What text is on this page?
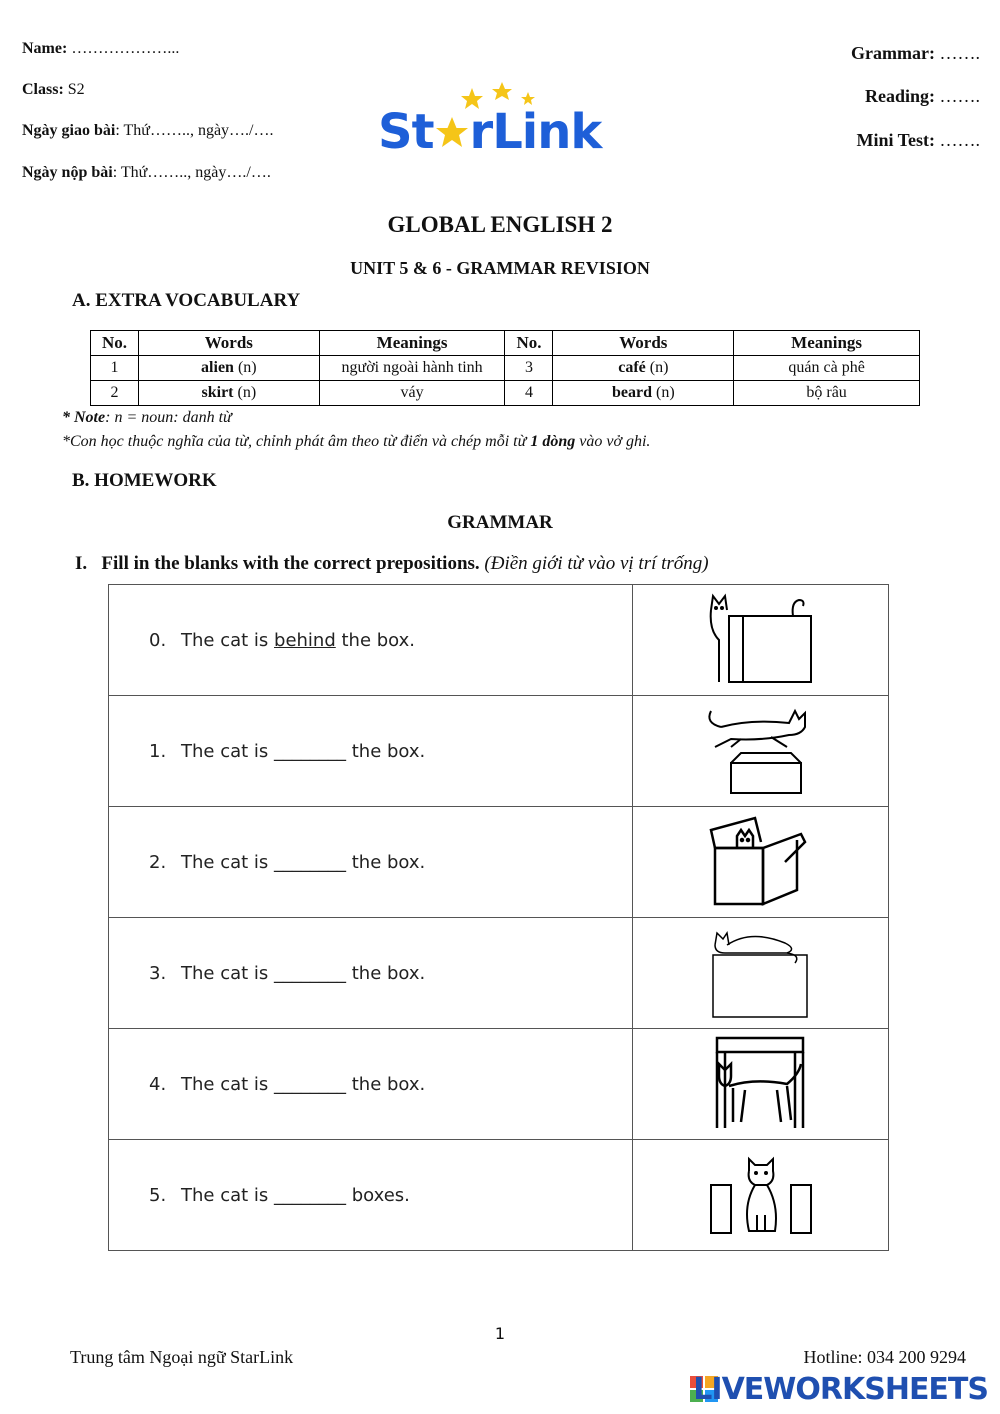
Name: ………………...
Class: S2
Ngày giao bài: Thứ…….., ngày…./….
Ngày nộp bài: Thứ…….., ngày…./….
St rLink
Grammar: …….
Reading: …….
Mini Test: …….
GLOBAL ENGLISH 2
UNIT 5 & 6 - GRAMMAR REVISION
A. EXTRA VOCABULARY
No.	Words	Meanings	No.	Words	Meanings
1	alien (n)	người ngoài hành tinh	3	café (n)	quán cà phê
2	skirt (n)	váy	4	beard (n)	bộ râu
* Note: n = noun: danh từ
*Con học thuộc nghĩa của từ, chỉnh phát âm theo từ điển và chép mỗi từ 1 dòng vào vở ghi.
B. HOMEWORK
GRAMMAR
I. Fill in the blanks with the correct prepositions. (Điền giới từ vào vị trí trống)
0. The cat is behind the box.	
1. The cat is ________ the box.	
2. The cat is ________ the box.	
3. The cat is ________ the box.	
4. The cat is ________ the box.	
5. The cat is ________ boxes.	
1
Trung tâm Ngoại ngữ StarLink	Hotline: 034 200 9294
LIVEWORKSHEETS
